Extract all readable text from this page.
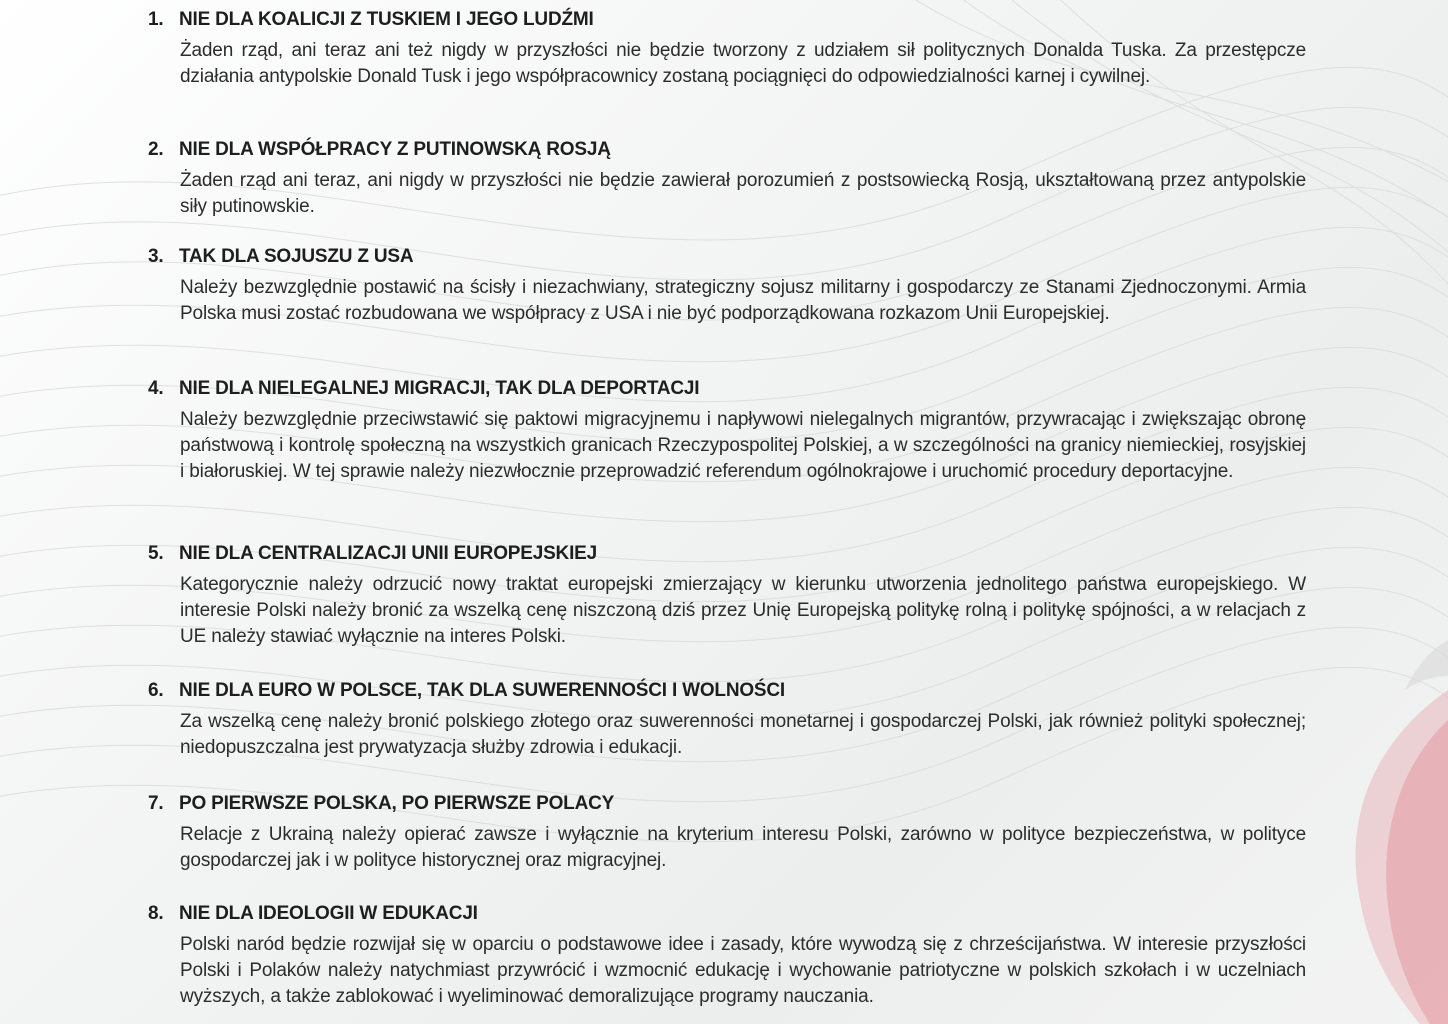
1. NIE DLA KOALICJI Z TUSKIEM I JEGO LUDŹMI
Żaden rząd, ani teraz ani też nigdy w przyszłości nie będzie tworzony z udziałem sił politycznych Donalda Tuska. Za przestępcze działania antypolskie Donald Tusk i jego współpracownicy zostaną pociągnięci do odpowiedzialności karnej i cywilnej.
2. NIE DLA WSPÓŁPRACY Z PUTINOWSKĄ ROSJĄ
Żaden rząd ani teraz, ani nigdy w przyszłości nie będzie zawierał porozumień z postsowiecką Rosją, ukształtowaną przez antypolskie siły putinowskie.
3. TAK DLA SOJUSZU Z USA
Należy bezwzględnie postawić na ścisły i niezachwiany, strategiczny sojusz militarny i gospodarczy ze Stanami Zjednoczonymi. Armia Polska musi zostać rozbudowana we współpracy z USA i nie być podporządkowana rozkazom Unii Europejskiej.
4. NIE DLA NIELEGALNEJ MIGRACJI, TAK DLA DEPORTACJI
Należy bezwzględnie przeciwstawić się paktowi migracyjnemu i napływowi nielegalnych migrantów, przywracając i zwiększając obronę państwową i kontrolę społeczną na wszystkich granicach Rzeczypospolitej Polskiej, a w szczególności na granicy niemieckiej, rosyjskiej i białoruskiej. W tej sprawie należy niezwłocznie przeprowadzić referendum ogólnokrajowe i uruchomić procedury deportacyjne.
5. NIE DLA CENTRALIZACJI UNII EUROPEJSKIEJ
Kategorycznie należy odrzucić nowy traktat europejski zmierzający w kierunku utworzenia jednolitego państwa europejskiego. W interesie Polski należy bronić za wszelką cenę niszczoną dziś przez Unię Europejską politykę rolną i politykę spójności, a w relacjach z UE należy stawiać wyłącznie na interes Polski.
6. NIE DLA EURO W POLSCE, TAK DLA SUWERENNOŚCI I WOLNOŚCI
Za wszelką cenę należy bronić polskiego złotego oraz suwerenności monetarnej i gospodarczej Polski, jak również polityki społecznej; niedopuszczalna jest prywatyzacja służby zdrowia i edukacji.
7. PO PIERWSZE POLSKA, PO PIERWSZE POLACY
Relacje z Ukrainą należy opierać zawsze i wyłącznie na kryterium interesu Polski, zarówno w polityce bezpieczeństwa, w polityce gospodarczej jak i w polityce historycznej oraz migracyjnej.
8. NIE DLA IDEOLOGII W EDUKACJI
Polski naród będzie rozwijał się w oparciu o podstawowe idee i zasady, które wywodzą się z chrześcijaństwa. W interesie przyszłości Polski i Polaków należy natychmiast przywrócić i wzmocnić edukację i wychowanie patriotyczne w polskich szkołach i w uczelniach wyższych, a także zablokować i wyeliminować demoralizujące programy nauczania.
